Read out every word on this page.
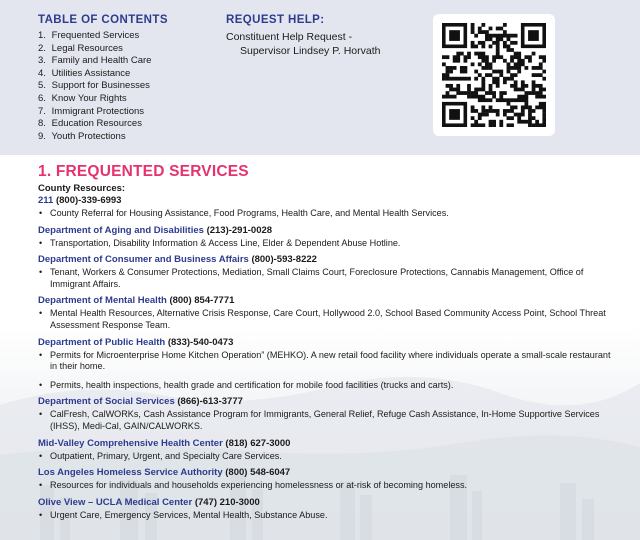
TABLE OF CONTENTS
1. Frequented Services
2. Legal Resources
3. Family and Health Care
4. Utilities Assistance
5. Support for Businesses
6. Know Your Rights
7. Immigrant Protections
8. Education Resources
9. Youth Protections
REQUEST HELP:
Constituent Help Request -
Supervisor Lindsey P. Horvath
1. FREQUENTED SERVICES
County Resources:
211 (800)-339-6993
• County Referral for Housing Assistance, Food Programs, Health Care, and Mental Health Services.
Department of Aging and Disabilities (213)-291-0028
• Transportation, Disability Information & Access Line, Elder & Dependent Abuse Hotline.
Department of Consumer and Business Affairs (800)-593-8222
• Tenant, Workers & Consumer Protections, Mediation, Small Claims Court, Foreclosure Protections, Cannabis Management, Office of Immigrant Affairs.
Department of Mental Health (800) 854-7771
• Mental Health Resources, Alternative Crisis Response, Care Court, Hollywood 2.0, School Based Community Access Point, School Threat Assessment Response Team.
Department of Public Health (833)-540-0473
• Permits for Microenterprise Home Kitchen Operation” (MEHKO). A new retail food facility where individuals operate a small-scale restaurant in their home.
• Permits, health inspections, health grade and certification for mobile food facilities (trucks and carts).
Department of Social Services (866)-613-3777
• CalFresh, CalWORKs, Cash Assistance Program for Immigrants, General Relief, Refuge Cash Assistance, In-Home Supportive Services (IHSS), Medi-Cal, GAIN/CALWORKS.
Mid-Valley Comprehensive Health Center (818) 627-3000
• Outpatient, Primary, Urgent, and Specialty Care Services.
Los Angeles Homeless Service Authority (800) 548-6047
• Resources for individuals and households experiencing homelessness or at-risk of becoming homeless.
Olive View – UCLA Medical Center (747) 210-3000
• Urgent Care, Emergency Services, Mental Health, Substance Abuse.
